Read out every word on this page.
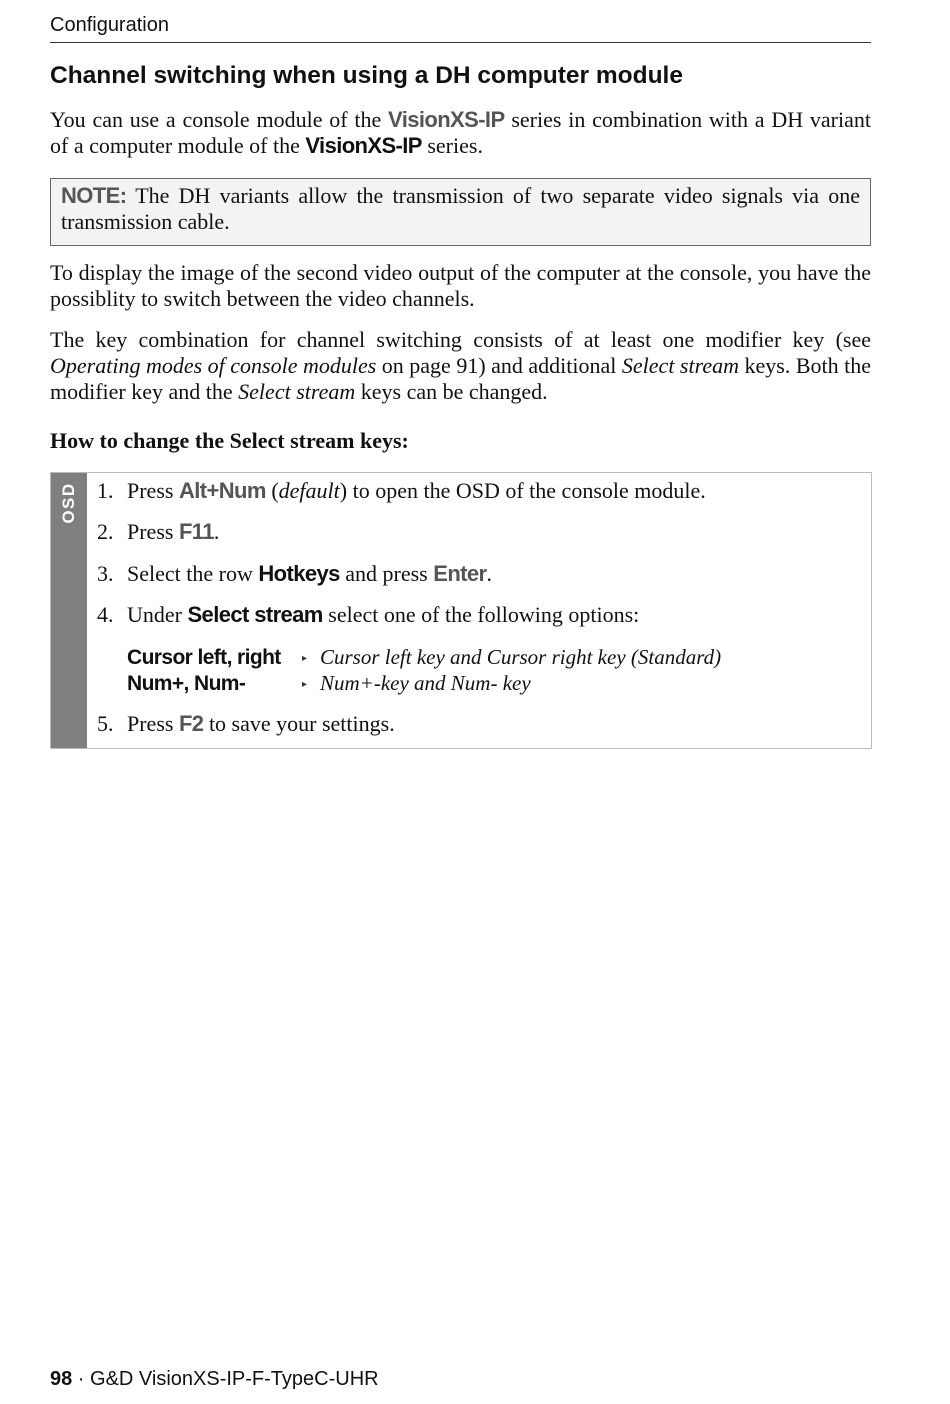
Configuration
Channel switching when using a DH computer module

You can use a console module of the VisionXS-IP series in combination with a DH variant of a computer module of the VisionXS-IP series.

NOTE: The DH variants allow the transmission of two separate video signals via one transmission cable.

To display the image of the second video output of the computer at the console, you have the possiblity to switch between the video channels.

The key combination for channel switching consists of at least one modifier key (see Operating modes of console modules on page 91) and additional Select stream keys. Both the modifier key and the Select stream keys can be changed.

How to change the Select stream keys:
OSD 1. Press Alt+Num (default) to open the OSD of the console module.
2. Press F11.
3. Select the row Hotkeys and press Enter.
4. Under Select stream select one of the following options:
Cursor left, right ▸ Cursor left key and Cursor right key (Standard)
Num+, Num-	▸ Num+-key and Num- key
5. Press F2 to save your settings.
98 · G&D VisionXS-IP-F-TypeC-UHR
